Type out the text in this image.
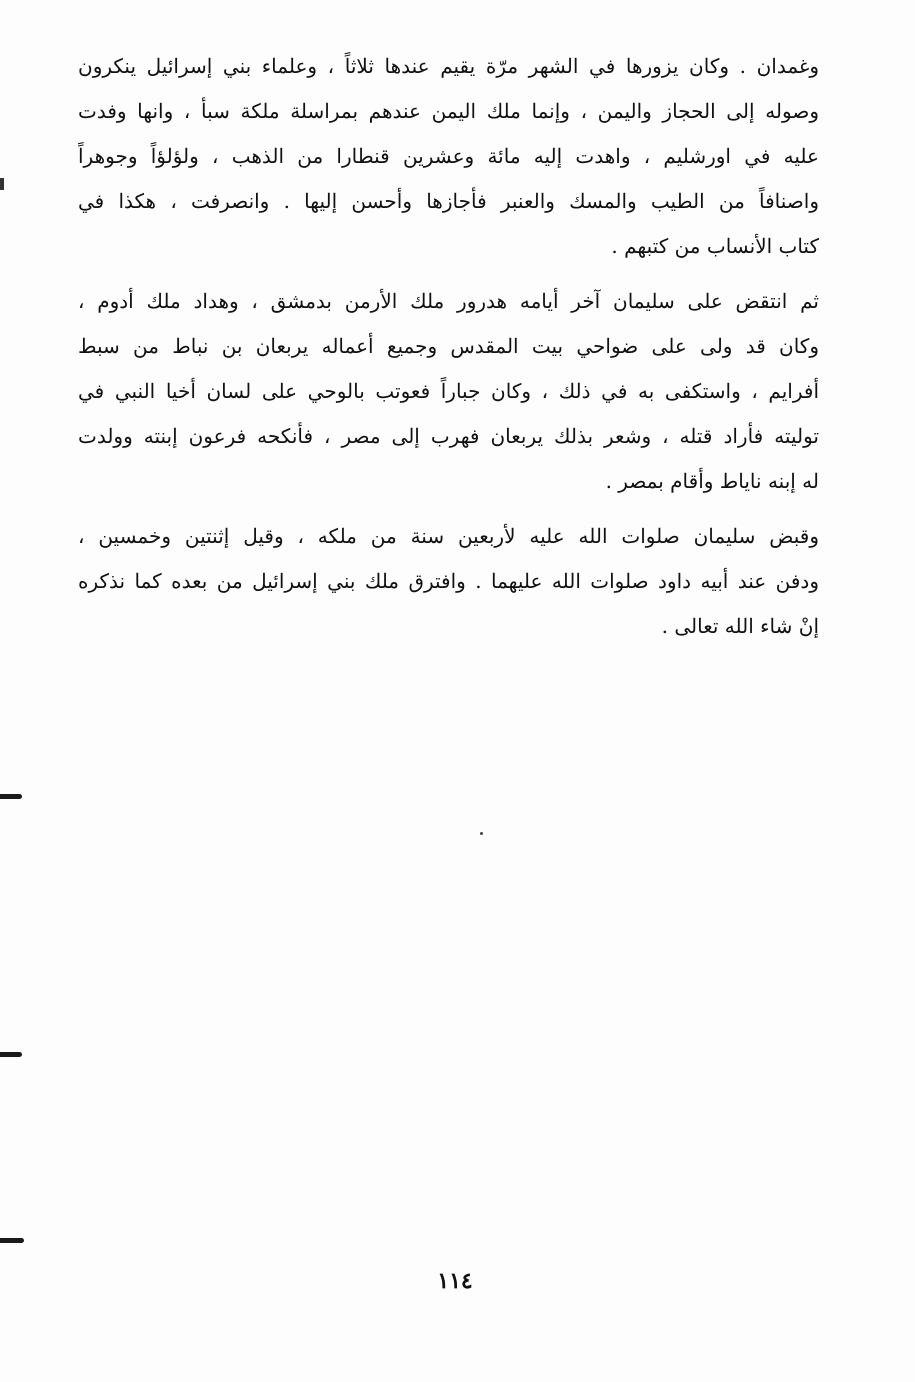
وغمدان . وكان يزورها في الشهر مرّة يقيم عندها ثلاثاً ، وعلماء بني إسرائيل ينكرون
وصوله إلى الحجاز واليمن ، وإنما ملك اليمن عندهم بمراسلة ملكة سبأ ، وانها وفدت
عليه في اورشليم ، واهدت إليه مائة وعشرين قنطارا من الذهب ، ولؤلؤاً وجوهراً
واصنافاً من الطيب والمسك والعنبر فأجازها وأحسن إليها . وانصرفت ، هكذا في
كتاب الأنساب من كتبهم .
ثم انتقض على سليمان آخر أيامه هدرور ملك الأرمن بدمشق ، وهداد ملك أدوم ،
وكان قد ولى على ضواحي بيت المقدس وجميع أعماله يربعان بن نباط من سبط
أفرايم ، واستكفى به في ذلك ، وكان جباراً فعوتب بالوحي على لسان أخيا النبي في
توليته فأراد قتله ، وشعر بذلك يربعان فهرب إلى مصر ، فأنكحه فرعون إبنته وولدت
له إبنه ناياط وأقام بمصر .
وقبض سليمان صلوات الله عليه لأربعين سنة من ملكه ، وقيل إثنتين وخمسين ،
ودفن عند أبيه داود صلوات الله عليهما . وافترق ملك بني إسرائيل من بعده كما نذكره
إنْ شاء الله تعالى .
١١٤
